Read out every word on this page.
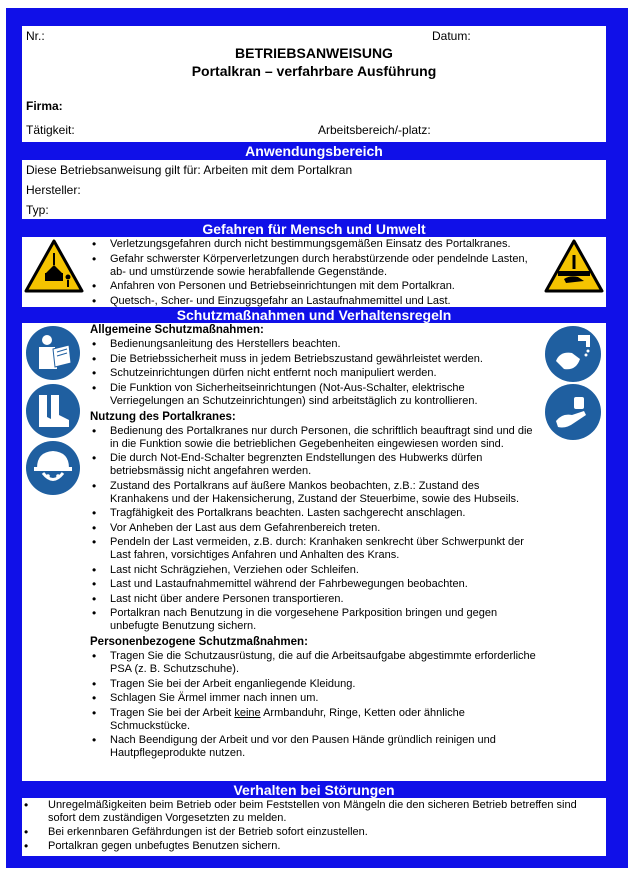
Nr.:	Datum:
BETRIEBSANWEISUNG
Portalkran – verfahrbare Ausführung
Firma:
Tätigkeit:	Arbeitsbereich/-platz:
Anwendungsbereich
Diese Betriebsanweisung gilt für: Arbeiten mit dem Portalkran
Hersteller:
Typ:
Gefahren für Mensch und Umwelt
• Verletzungsgefahren durch nicht bestimmungsgemäßen Einsatz des Portalkranes.
• Gefahr schwerster Körperverletzungen durch herabstürzende oder pendelnde Lasten, ab- und umstürzende sowie herabfallende Gegenstände.
• Anfahren von Personen und Betriebseinrichtungen mit dem Portalkran.
• Quetsch-, Scher- und Einzugsgefahr an Lastaufnahmemittel und Last.
Schutzmaßnahmen und Verhaltensregeln
Allgemeine Schutzmaßnahmen:
• Bedienungsanleitung des Herstellers beachten.
• Die Betriebssicherheit muss in jedem Betriebszustand gewährleistet werden.
• Schutzeinrichtungen dürfen nicht entfernt noch manipuliert werden.
• Die Funktion von Sicherheitseinrichtungen (Not-Aus-Schalter, elektrische Verriegelungen an Schutzeinrichtungen) sind arbeitstäglich zu kontrollieren.
Nutzung des Portalkranes:
• Bedienung des Portalkranes nur durch Personen, die schriftlich beauftragt sind und die in die Funktion sowie die betrieblichen Gegebenheiten eingewiesen worden sind.
• Die durch Not-End-Schalter begrenzten Endstellungen des Hubwerks dürfen betriebsmässig nicht angefahren werden.
• Zustand des Portalkrans auf äußere Mankos beobachten, z.B.: Zustand des Kranhakens und der Hakensicherung, Zustand der Steuerbime, sowie des Hubseils.
• Tragfähigkeit des Portalkrans beachten. Lasten sachgerecht anschlagen.
• Vor Anheben der Last aus dem Gefahrenbereich treten.
• Pendeln der Last vermeiden, z.B. durch: Kranhaken senkrecht über Schwerpunkt der Last fahren, vorsichtiges Anfahren und Anhalten des Krans.
• Last nicht Schrägziehen, Verziehen oder Schleifen.
• Last und Lastaufnahmemittel während der Fahrbewegungen beobachten.
• Last nicht über andere Personen transportieren.
• Portalkran nach Benutzung in die vorgesehene Parkposition bringen und gegen unbefugte Benutzung sichern.
Personenbezogene Schutzmaßnahmen:
• Tragen Sie die Schutzausrüstung, die auf die Arbeitsaufgabe abgestimmte erforderliche PSA (z. B. Schutzschuhe).
• Tragen Sie bei der Arbeit enganliegende Kleidung.
• Schlagen Sie Ärmel immer nach innen um.
• Tragen Sie bei der Arbeit keine Armbanduhr, Ringe, Ketten oder ähnliche Schmuckstücke.
• Nach Beendigung der Arbeit und vor den Pausen Hände gründlich reinigen und Hautpflegeprodukte nutzen.
Verhalten bei Störungen
• Unregelmäßigkeiten beim Betrieb oder beim Feststellen von Mängeln die den sicheren Betrieb betreffen sind sofort dem zuständigen Vorgesetzten zu melden.
• Bei erkennbaren Gefährdungen ist der Betrieb sofort einzustellen.
• Portalkran gegen unbefugtes Benutzen sichern.
